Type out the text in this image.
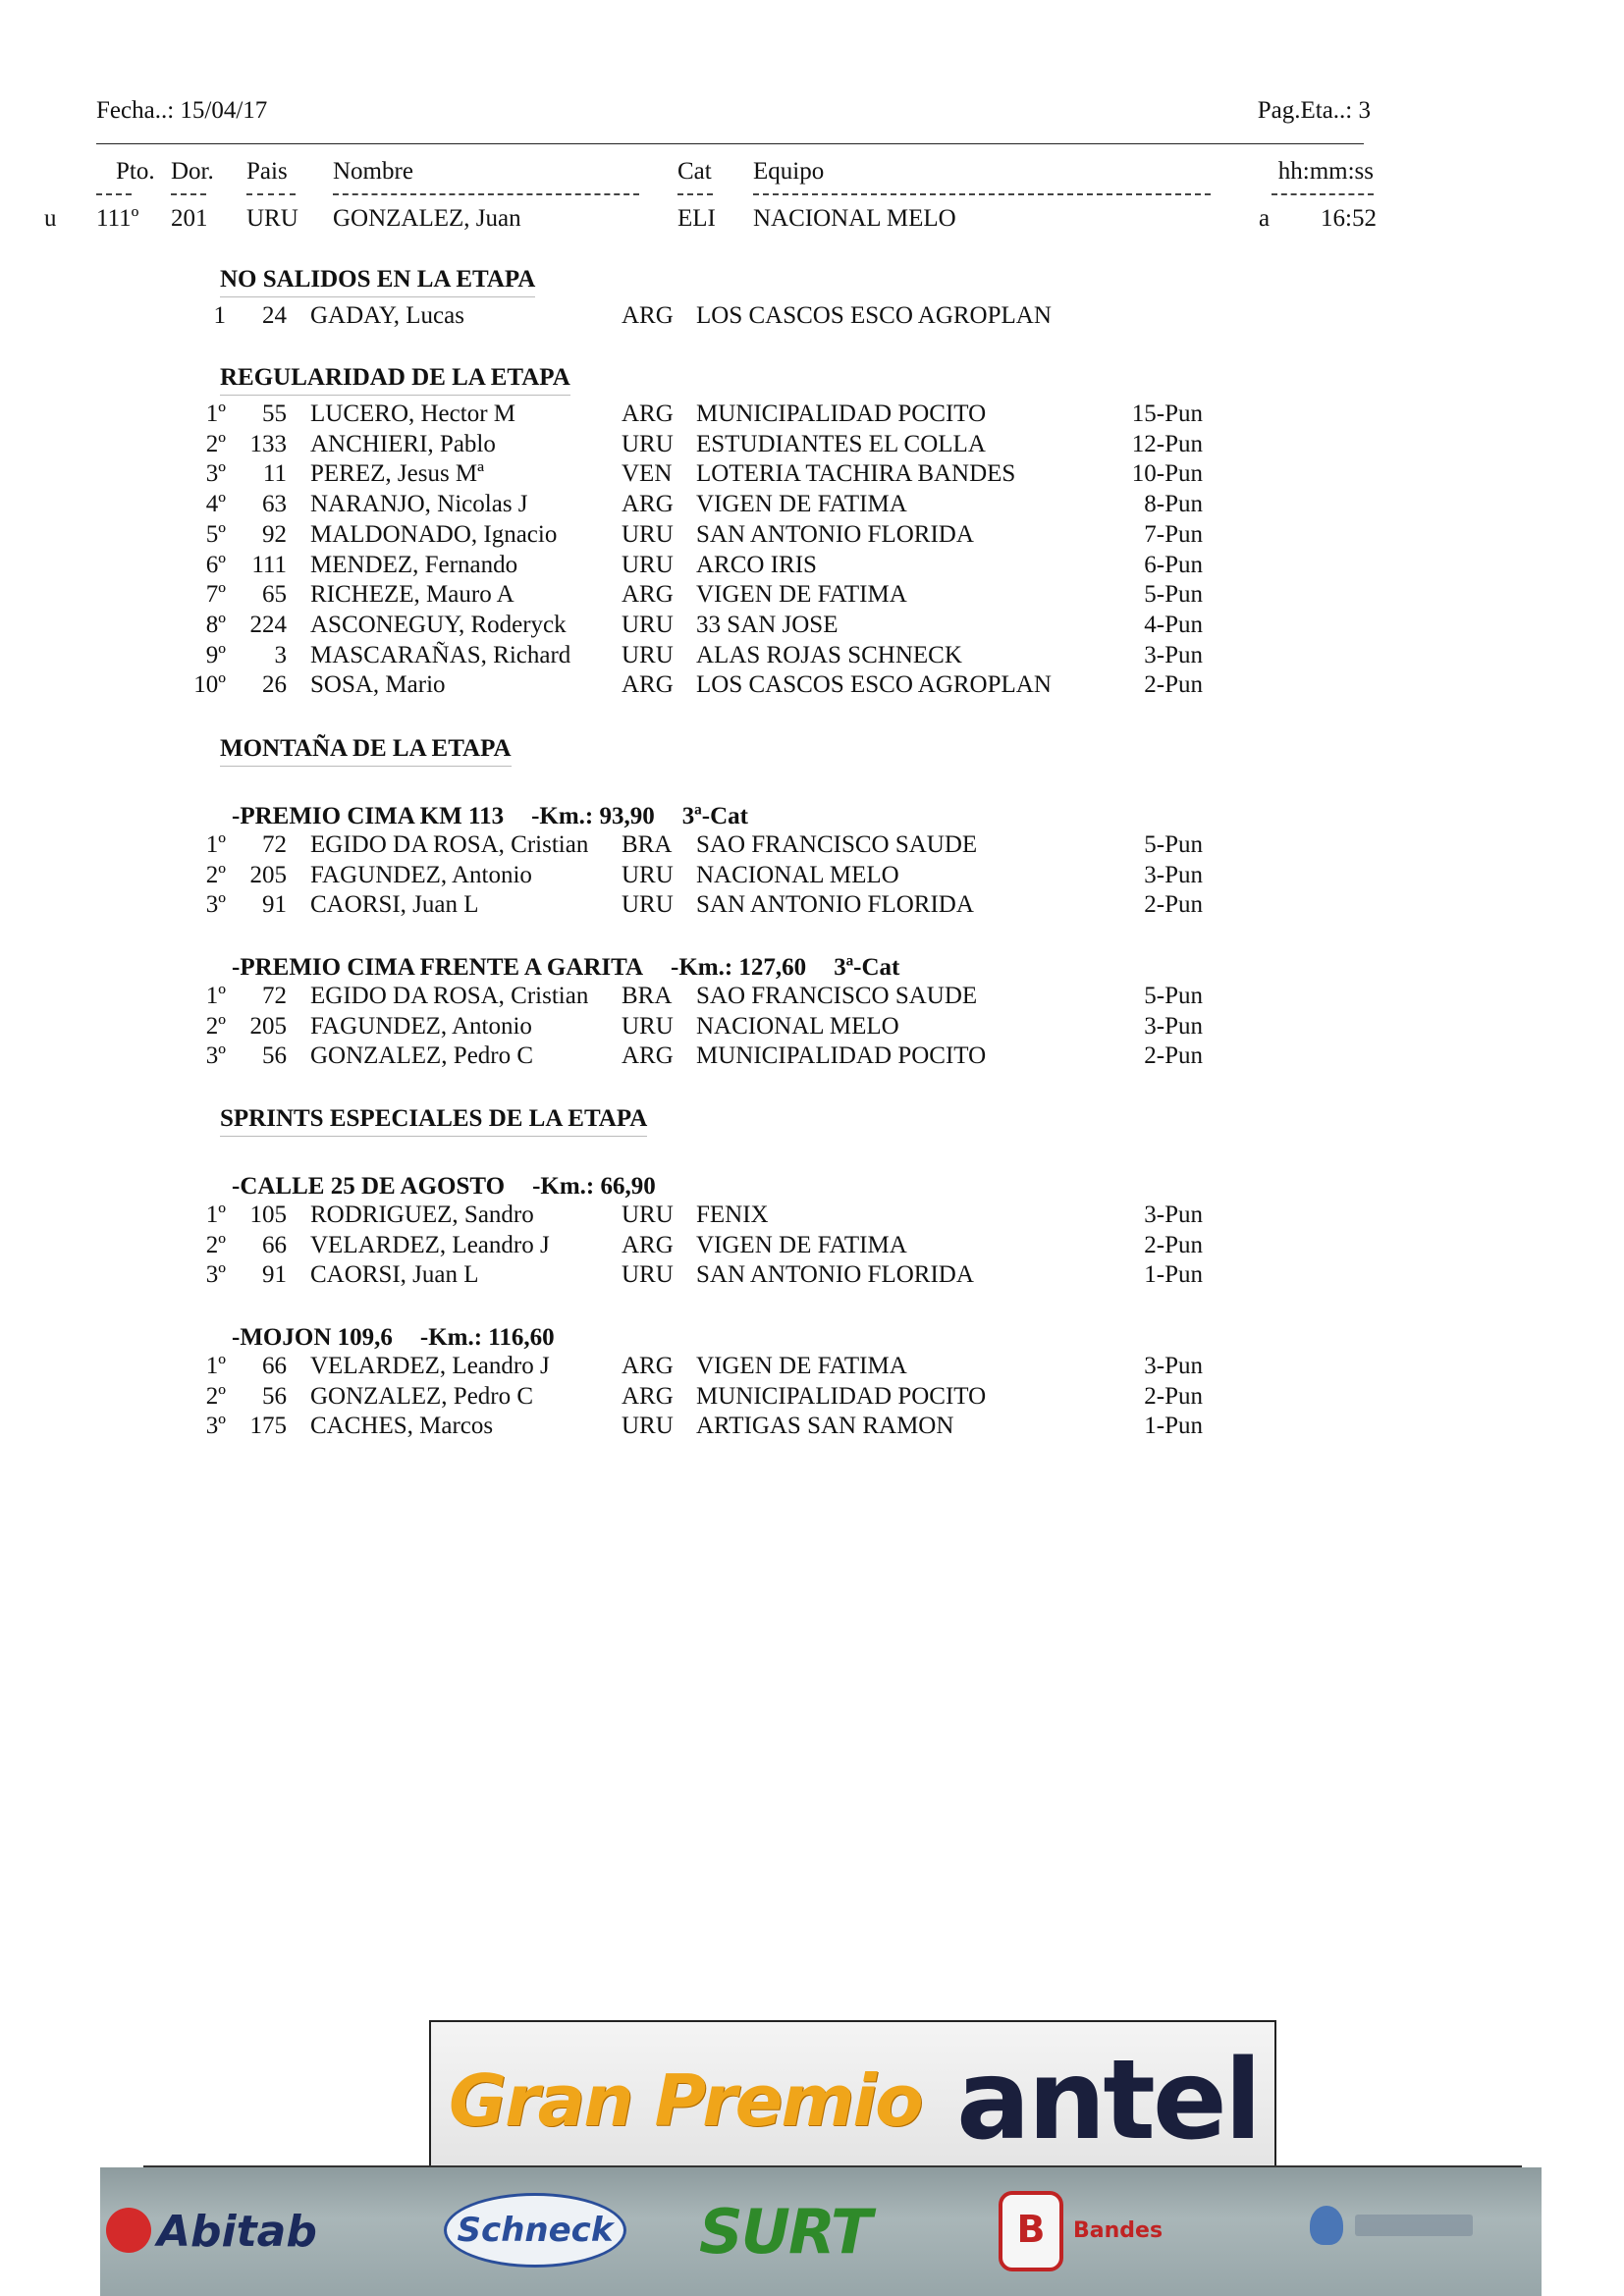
Fecha..: 15/04/17	Pag.Eta..: 3
Pto. Dor. Pais Nombre	Cat Equipo	hh:mm:ss
u 111º 201 URU GONZALEZ, Juan	ELI NACIONAL MELO	a	16:52
NO SALIDOS EN LA ETAPA
1	24 GADAY, Lucas	ARG LOS CASCOS ESCO AGROPLAN
REGULARIDAD DE LA ETAPA
1º	55 LUCERO, Hector M	ARG MUNICIPALIDAD POCITO	15-Pun
2º 133 ANCHIERI, Pablo	URU ESTUDIANTES EL COLLA	12-Pun
3º	11 PEREZ, Jesus Mª	VEN LOTERIA TACHIRA BANDES	10-Pun
4º	63 NARANJO, Nicolas J	ARG VIGEN DE FATIMA	8-Pun
5º	92 MALDONADO, Ignacio	URU SAN ANTONIO FLORIDA	7-Pun
6º	111 MENDEZ, Fernando	URU ARCO IRIS	6-Pun
7º	65 RICHEZE, Mauro A	ARG VIGEN DE FATIMA	5-Pun
8º 224 ASCONEGUY, Roderyck URU 33 SAN JOSE	4-Pun
9º	3 MASCARAÑAS, Richard URU ALAS ROJAS SCHNECK	3-Pun
10º	26 SOSA, Mario	ARG LOS CASCOS ESCO AGROPLAN	2-Pun
MONTAÑA DE LA ETAPA
-PREMIO CIMA KM 113 -Km.: 93,90 3ª-Cat
1º	72 EGIDO DA ROSA, Cristian BRA SAO FRANCISCO SAUDE	5-Pun
2º 205 FAGUNDEZ, Antonio	URU NACIONAL MELO	3-Pun
3º	91 CAORSI, Juan L	URU SAN ANTONIO FLORIDA	2-Pun
-PREMIO CIMA FRENTE A GARITA -Km.: 127,60 3ª-Cat
1º	72 EGIDO DA ROSA, Cristian BRA SAO FRANCISCO SAUDE	5-Pun
2º 205 FAGUNDEZ, Antonio	URU NACIONAL MELO	3-Pun
3º	56 GONZALEZ, Pedro C	ARG MUNICIPALIDAD POCITO	2-Pun
SPRINTS ESPECIALES DE LA ETAPA
-CALLE 25 DE AGOSTO -Km.: 66,90
1º 105 RODRIGUEZ, Sandro	URU FENIX	3-Pun
2º	66 VELARDEZ, Leandro J	ARG VIGEN DE FATIMA	2-Pun
3º	91 CAORSI, Juan L	URU SAN ANTONIO FLORIDA	1-Pun
-MOJON 109,6 -Km.: 116,60
1º	66 VELARDEZ, Leandro J	ARG VIGEN DE FATIMA	3-Pun
2º	56 GONZALEZ, Pedro C	ARG MUNICIPALIDAD POCITO	2-Pun
3º 175 CACHES, Marcos	URU ARTIGAS SAN RAMON	1-Pun
Gran Premio antel
Abitab	Schneck SURT	B Bandes
